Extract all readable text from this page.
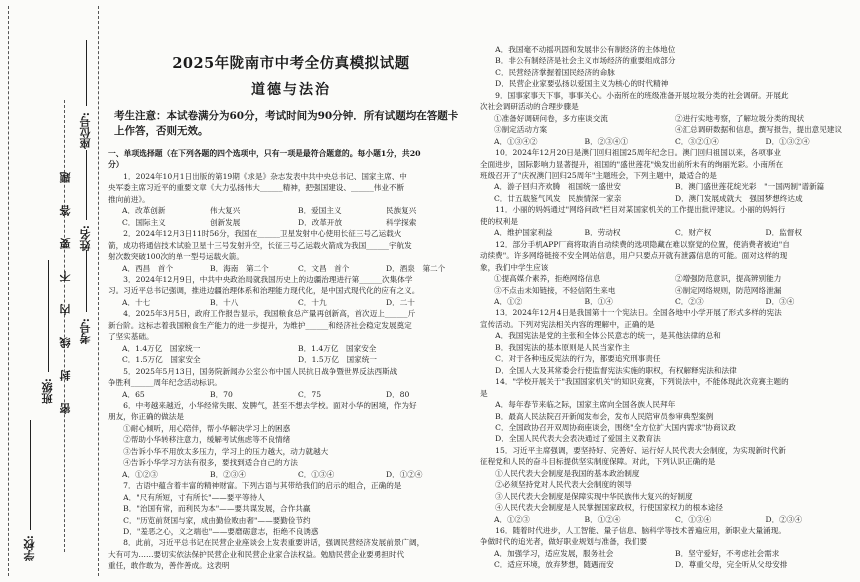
学校:
班级:
考号:
姓名:
座位号:
密封线内不要答题
2025年陇南市中考全仿真模拟试题
道德与法治
考生注意：本试卷满分为60分，考试时间为90分钟．所有试题均在答题卡
上作答，否则无效。
一、单项选择题（在下列各题的四个选项中，只有一项是最符合题意的。每小题1分，共20
分）
　　1．2024年10月1日出版的第19期《求是》杂志发表中共中央总书记、国家主席、中
央军委主席习近平的重要文章《大力弘扬伟大______精神，把强国建设、______伟业不断
推向前进》。
A．改革创新	伟大复兴	B．爱国主义	民族复兴
C．国际主义	创新发展	D．改革开放	科学探索
　　2．2024年12月3日11时56分，我国在______卫星发射中心使用长征三号乙运载火
箭，成功将通信技术试验卫星十三号发射升空，长征三号乙运载火箭成为我国______宇航发
射次数突破100次的单一型号运载火箭。
A．西昌　首个	B．海南　第二个	C．文昌　首个	D．酒泉　第二个
　　3．2024年12月9日，中共中央政治局就我国历史上的边疆治理进行第______次集体学
习。习近平总书记强调，推进边疆治理体系和治理能力现代化，是中国式现代化的应有之义。
A．十七	B．十八	C．十九	D．二十
　　4．2025年3月5日，政府工作报告显示，我国粮食总产量再创新高，首次迈上______斤
新台阶。这标志着我国粮食生产能力的进一步提升，为维护______和经济社会稳定发展奠定
了坚实基础。
A．1.4万亿　国家统一	B．1.4万亿　国家安全
C．1.5万亿　国家安全	D．1.5万亿　国家统一
　　5．2025年5月13日，国务院新闻办公室公布中国人民抗日战争暨世界反法西斯战
争胜利______周年纪念活动标识。
A．65	B．70	C．75	D．80
　　6．中考越来越近，小华经常失眠、发脾气，甚至不想去学校。面对小华的困境，作为好
朋友，你正确的做法是
　　①耐心倾听，用心陪伴，帮小华解决学习上的困惑
　　②帮助小华转移注意力，缓解考试焦虑等不良情绪
　　③告诉小华不用放太多压力，学习上的压力越大，动力就越大
　　④告诉小华学习方法有很多，要找到适合自己的方法
A．①②③	B．②③④	C．①③④	D．①②④
　　7．古语中蕴含着丰富的精神财富。下列古语与其带给我们的启示的组合，正确的是
　　A．"尺有所短，寸有所长"——要平等待人
　　B．"治国有常，而利民为本"——要共谋发展，合作共赢
　　C．"历览前贤国与家，成由勤俭败由奢"——要勤俭节约
　　D．"羞恶之心，义之端也"——要磨砺意志，拒绝不良诱惑
　　8．此前，习近平总书记在民营企业座谈会上发表重要讲话，强调民营经济发展前景广阔，
大有可为……要切实依法保护民营企业和民营企业家合法权益。勉励民营企业要勇担时代
重任，敢作敢为，善作善成。这表明
　　A．我国毫不动摇巩固和发展非公有制经济的主体地位
　　B．非公有制经济是社会主义市场经济的重要组成部分
　　C．民营经济掌握着国民经济的命脉
　　D．民营企业家要弘扬以爱国主义为核心的时代精神
　　9．国事家事天下事，事事关心。小南所在的班级准备开展垃圾分类的社会调研。开展此
次社会调研活动的合理步骤是
①准备好调研问卷，多方座谈交流	②进行实地考察，了解垃圾分类的现状
③制定活动方案	④汇总调研数据和信息，撰写报告，提出意见建议
A．①③④②	B．②③④①	C．③②①④	D．①③②④
　　10．2024年12月20日是澳门回归祖国25周年纪念日。澳门回归祖国以来，各项事业
全面进步，国际影响力显著提升，祖国的"盛世莲花"焕发出前所未有的绚丽光彩。小南所在
班级召开了"庆祝澳门回归25周年"主题班会，下列主题中，最适合的是
A．游子回归齐欢腾　祖国统一盛世安	B．澳门盛世莲花绽光彩　"一国两制"谱新篇
C．廿五载鉴气风发　民族情深一家亲	D．澳门发展成就大　强国梦想终达成
　　11．小丽的妈妈通过"网络问政"栏目对某国家机关的工作提出批评建议。小丽的妈妈行
使的权利是
A．维护国家利益	B．劳动权	C．财产权	D．监督权
　　12．部分手机APP厂商将取消自动续费的选项隐藏在难以察觉的位置，使消费者被迫"自
动续费"。许多网络链接不安全网站信息，用户只要点开就有泄露信息的可能。面对这样的现
象，我们中学生应该
①提高媒介素养，拒绝网络信息	②增强防范意识，提高辨别能力
③不点击未知链接，不轻信陌生来电	④制定网络规则，防范网络泄漏
A．①②	B．①④	C．②③	D．③④
　　13．2024年12月4日是我国第十一个宪法日。全国各地中小学开展了形式多样的宪法
宣传活动。下列对宪法相关内容的理解中，正确的是
　　A．我国宪法是党的主张和全体公民意志的统一，是其他法律的总和
　　B．我国宪法的基本原则是人民当家作主
　　C．对于各种违反宪法的行为，都要追究刑事责任
　　D．全国人大及其常委会行使监督宪法实施的职权，有权解释宪法和法律
　　14．"学校开展关于"我国国家机关"的知识竞赛，下列说法中，不能体现此次竞赛主题的
是
　　A．每年春节来临之际，国家主席向全国各族人民拜年
　　B．最高人民法院召开新闻发布会，发布人民陪审员参审典型案例
　　C．全国政协召开双周协商座谈会，围绕"全方位扩大国内需求"协商议政
　　D．全国人民代表大会表决通过了爱国主义教育法
　　15．习近平主席强调，要坚持好、完善好、运行好人民代表大会制度，为实现新时代新
征程党和人民的奋斗目标提供坚实制度保障。对此，下列认识正确的是
　　①人民代表大会制度是我国的基本政治制度
　　②必须坚持党对人民代表大会制度的领导
　　③人民代表大会制度是保障实现中华民族伟大复兴的好制度
　　④人民代表大会制度是人民掌握国家政权，行使国家权力的根本途径
A．①②③	B．①②④	C．①③④	D．②③④
　　16．随着时代进步，人工智能、量子信息、脑科学等技术普遍应用，新职业大量涌现。
争做时代的追光者，做好职业规划与准备，我们要
A．加强学习，适应发展，服务社会	B．坚守爱好，不考虑社会需求
C．适应环境，放弃梦想，随遇而安	D．尊重父母，完全听从父母安排
